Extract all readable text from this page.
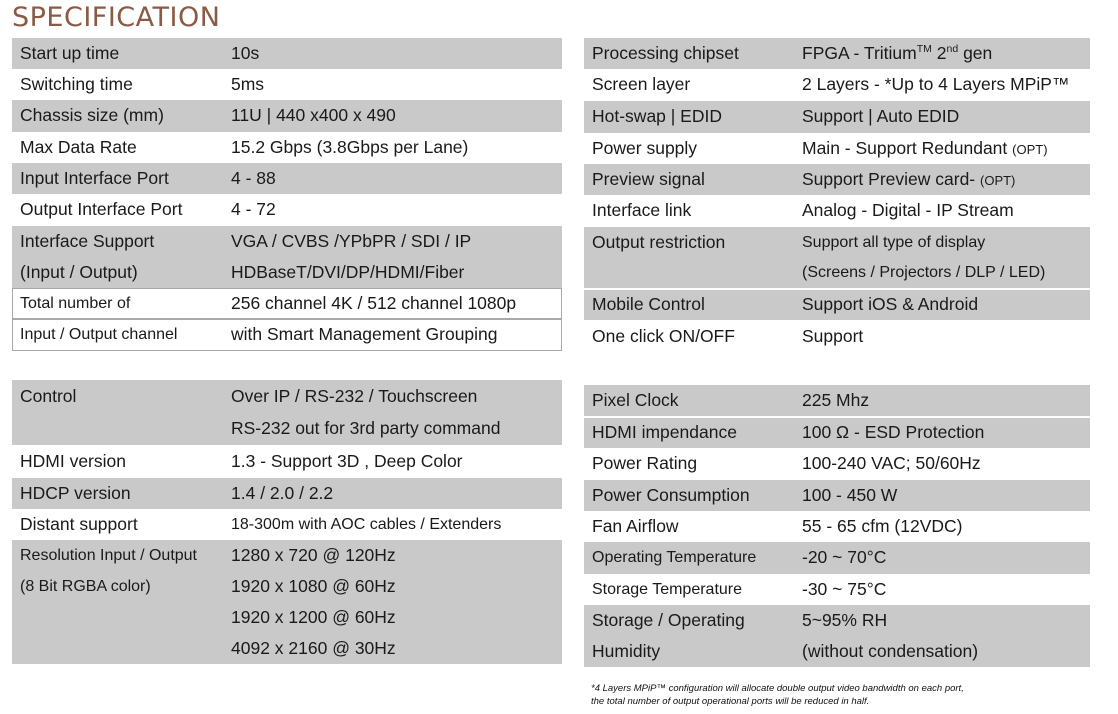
SPECIFICATION
Start up time	10s
Switching time	5ms
Chassis size (mm)	11U | 440 x400 x 490
Max Data Rate	15.2 Gbps (3.8Gbps per Lane)
Input Interface Port	4 - 88
Output Interface Port	4 - 72
Interface Support	VGA / CVBS /YPbPR / SDI / IP
(Input / Output)	HDBaseT/DVI/DP/HDMI/Fiber
Total number of	256 channel 4K / 512 channel 1080p
Input / Output channel	with Smart Management Grouping
Control	Over IP / RS-232 / Touchscreen
	RS-232 out for 3rd party command
HDMI version	1.3 - Support 3D , Deep Color
HDCP version	1.4 / 2.0 / 2.2
Distant support	18-300m with AOC cables / Extenders
Resolution Input / Output	1280 x 720 @ 120Hz
(8 Bit RGBA color)	1920 x 1080 @ 60Hz
	1920 x 1200 @ 60Hz
	4092 x 2160 @ 30Hz
Processing chipset	FPGA - Tritium™ 2nd gen
Screen layer	2 Layers - *Up to 4 Layers MPiP™
Hot-swap | EDID	Support | Auto EDID
Power supply	Main - Support Redundant (OPT)
Preview signal	Support Preview card- (OPT)
Interface link	Analog - Digital - IP Stream
Output restriction	Support all type of display
	(Screens / Projectors / DLP / LED)
Mobile Control	Support iOS & Android
One click ON/OFF	Support
Pixel Clock	225 Mhz
HDMI impendance	100 Ω - ESD Protection
Power Rating	100-240 VAC; 50/60Hz
Power Consumption	100 - 450 W
Fan Airflow	55 - 65 cfm (12VDC)
Operating Temperature	-20 ~ 70°C
Storage Temperature	-30 ~ 75°C
Storage / Operating	5~95% RH
Humidity	(without condensation)

*4 Layers MPiP™ configuration will allocate double output video bandwidth on each port,

the total number of output operational ports will be reduced in half.
